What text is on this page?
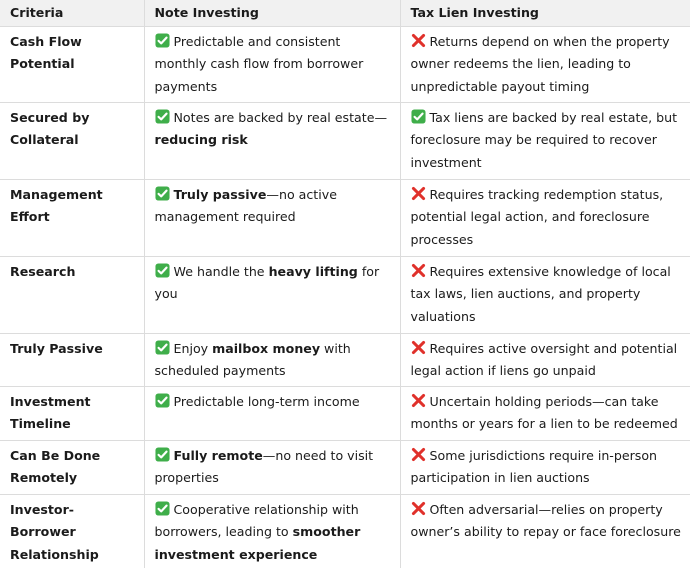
Criteria	Note Investing	Tax Lien Investing
Cash Flow Potential	Predictable and consistent monthly cash flow from borrower payments	Returns depend on when the property owner redeems the lien, leading to unpredictable payout timing
Secured by Collateral	Notes are backed by real estate—reducing risk	Tax liens are backed by real estate, but foreclosure may be required to recover investment
Management Effort	Truly passive—no active management required	Requires tracking redemption status, potential legal action, and foreclosure processes
Research	We handle the heavy lifting for you	Requires extensive knowledge of local tax laws, lien auctions, and property valuations
Truly Passive	Enjoy mailbox money with scheduled payments	Requires active oversight and potential legal action if liens go unpaid
Investment Timeline	Predictable long-term income	Uncertain holding periods—can take months or years for a lien to be redeemed
Can Be Done Remotely	Fully remote—no need to visit properties	Some jurisdictions require in-person participation in lien auctions
Investor-Borrower Relationship	Cooperative relationship with borrowers, leading to smoother investment experience	Often adversarial—relies on property owner’s ability to repay or face foreclosure
